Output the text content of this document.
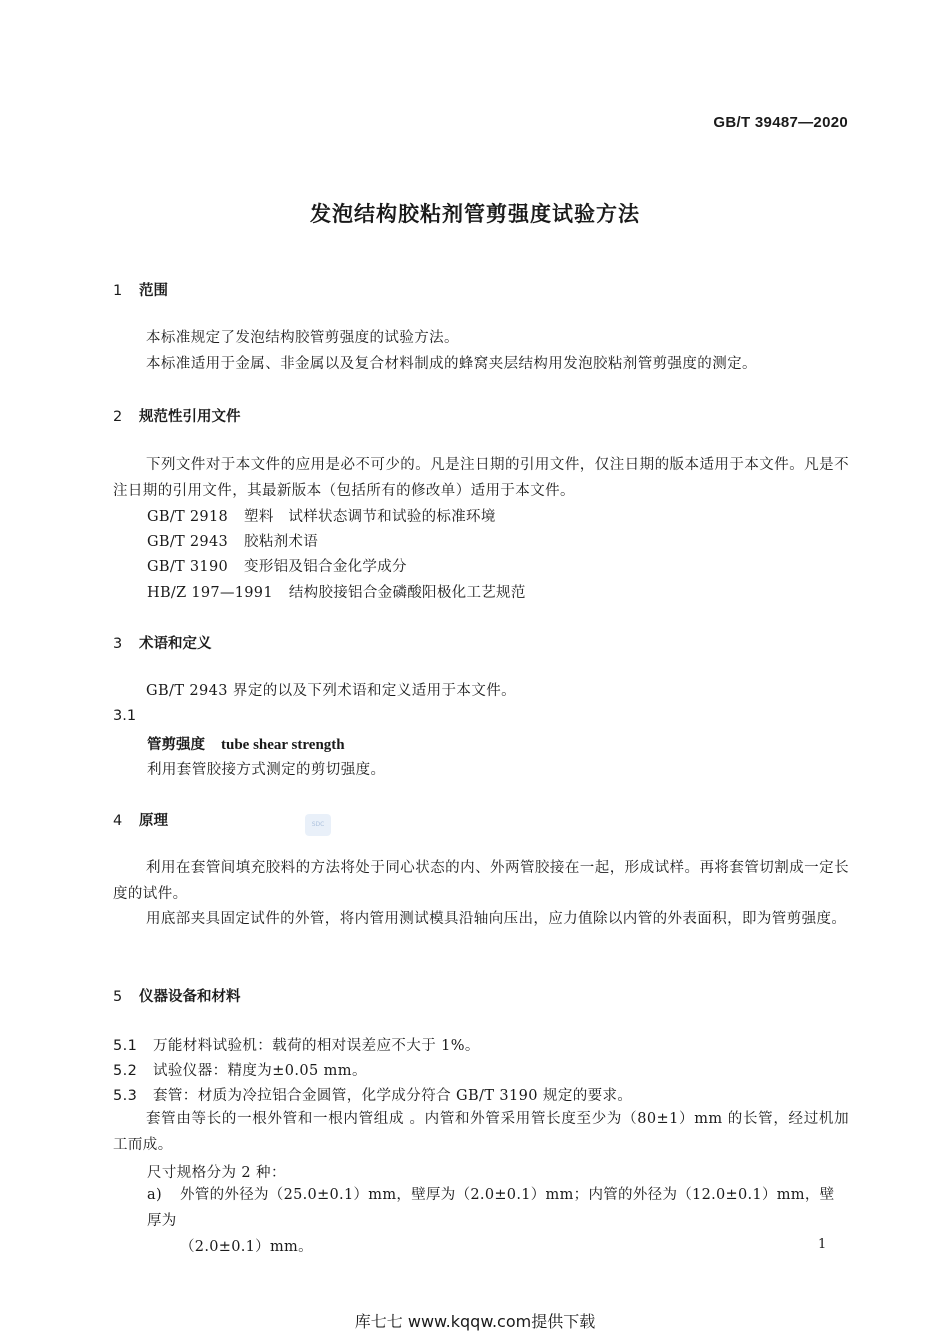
GB/T 39487—2020
发泡结构胶粘剂管剪强度试验方法
1 范围
本标准规定了发泡结构胶管剪强度的试验方法。
本标准适用于金属、非金属以及复合材料制成的蜂窝夹层结构用发泡胶粘剂管剪强度的测定。
2 规范性引用文件
下列文件对于本文件的应用是必不可少的。凡是注日期的引用文件，仅注日期的版本适用于本文件。凡是不注日期的引用文件，其最新版本（包括所有的修改单）适用于本文件。
GB/T 2918 塑料　试样状态调节和试验的标准环境
GB/T 2943 胶粘剂术语
GB/T 3190 变形铝及铝合金化学成分
HB/Z 197—1991 结构胶接铝合金磷酸阳极化工艺规范
3 术语和定义
GB/T 2943 界定的以及下列术语和定义适用于本文件。
3.1
管剪强度 tube shear strength
利用套管胶接方式测定的剪切强度。
4 原理	SDC
利用在套管间填充胶料的方法将处于同心状态的内、外两管胶接在一起，形成试样。再将套管切割成一定长度的试件。
用底部夹具固定试件的外管，将内管用测试模具沿轴向压出，应力值除以内管的外表面积，即为管剪强度。
5 仪器设备和材料
5.1 万能材料试验机：载荷的相对误差应不大于 1%。
5.2 试验仪器：精度为±0.05 mm。
5.3 套管：材质为冷拉铝合金圆管，化学成分符合 GB/T 3190 规定的要求。
套管由等长的一根外管和一根内管组成 。内管和外管采用管长度至少为（80±1）mm 的长管，经过机加工而成。
尺寸规格分为 2 种：
a) 外管的外径为（25.0±0.1）mm，壁厚为（2.0±0.1）mm；内管的外径为（12.0±0.1）mm，壁厚为
（2.0±0.1）mm。	1
库七七 www.kqqw.com提供下载
